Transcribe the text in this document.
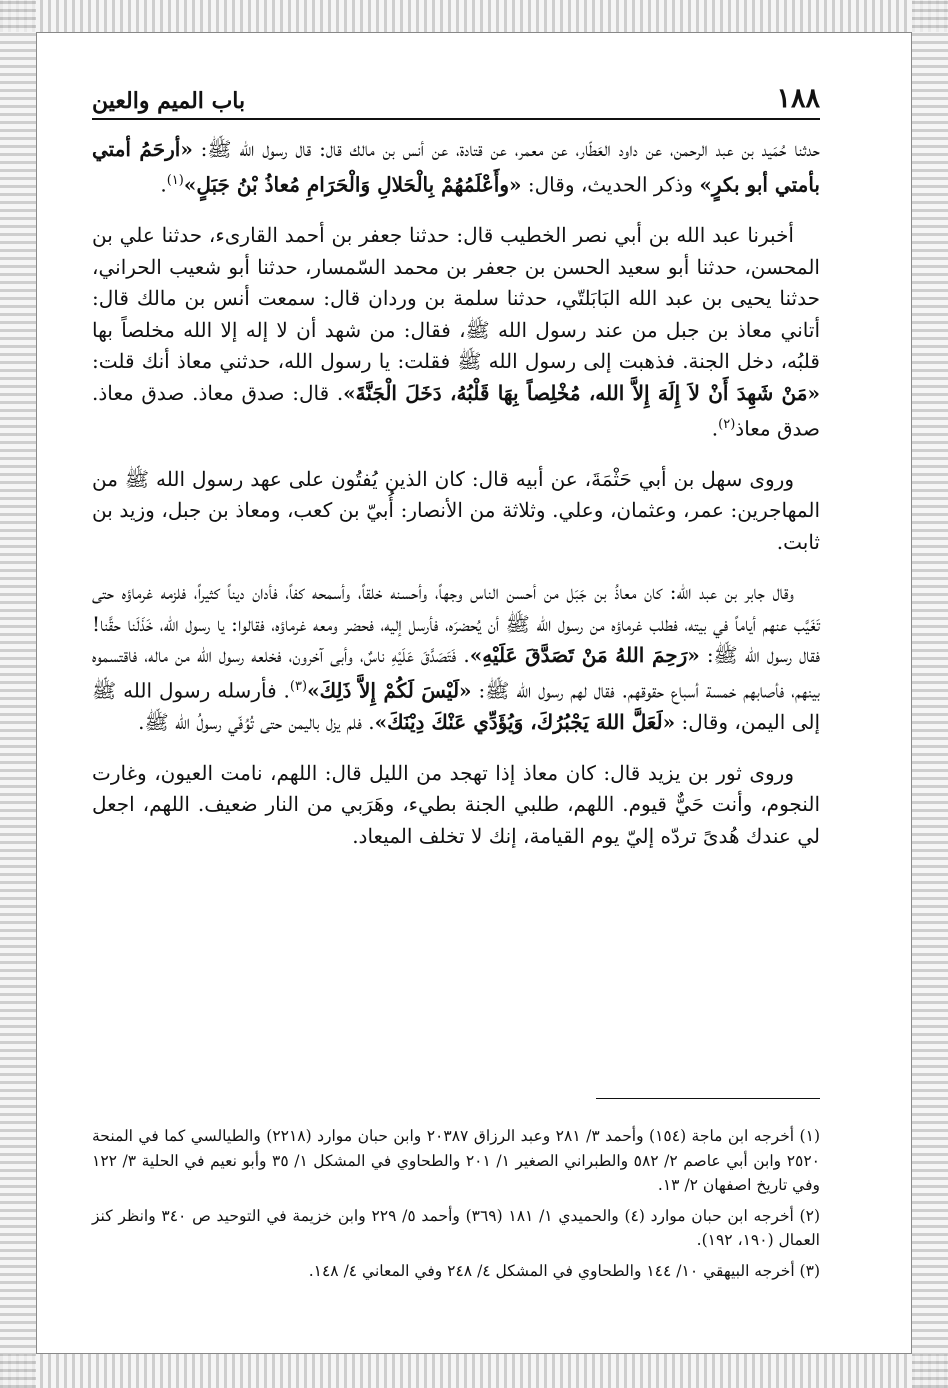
١٨٨
باب الميم والعين

حدثنا حُمَيد بن عبد الرحمن، عن داود العَطّار، عن معمر، عن قتادة، عن أنس بن مالك قال: قال رسول الله ﷺ: «أرحَمُ أمتي بأمتي أبو بكرٍ» وذكر الحديث، وقال: «وأَعْلَمُهُمْ بِالْحَلالِ وَالْحَرَامِ مُعاذُ بْنُ جَبَلٍ»$^{(١)}$.

أخبرنا عبد الله بن أبي نصر الخطيب قال: حدثنا جعفر بن أحمد القارىء، حدثنا علي بن المحسن، حدثنا أبو سعيد الحسن بن جعفر بن محمد السّمسار، حدثنا أبو شعيب الحراني، حدثنا يحيى بن عبد الله البَابَلتّي، حدثنا سلمة بن وردان قال: سمعت أنس بن مالك قال: أتاني معاذ بن جبل من عند رسول الله ﷺ، فقال: من شهد أن لا إله إلا الله مخلصاً بها قلبُه، دخل الجنة. فذهبت إلى رسول الله ﷺ فقلت: يا رسول الله، حدثني معاذ أنك قلت: «مَنْ شَهِدَ أَنْ لاَ إِلَهَ إِلاَّ الله، مُخْلِصاً بِهَا قَلْبُهُ، دَخَلَ الْجَنَّةَ». قال: صدق معاذ. صدق معاذ. صدق معاذ$^{(٢)}$.

وروى سهل بن أبي حَثْمَةَ، عن أبيه قال: كان الذين يُفتُون على عهد رسول الله ﷺ من المهاجرين: عمر، وعثمان، وعلي. وثلاثة من الأنصار: أُبيّ بن كعب، ومعاذ بن جبل، وزيد بن ثابت.

وقال جابر بن عبد الله: كان معاذُ بن جَبَل من أحسن الناس وجهاً، وأحسنه خلقاً، وأسمحه كفاً، فأدان ديناً كثيراً، فلزمه غرماؤه حتى تَغَيَّب عنهم أياماً في بيته، فطلب غرماؤه من رسول الله ﷺ أن يُحضرَه، فأرسل إليه، فحضر ومعه غرماؤه، فقالوا: يا رسول الله، خَذَلَنا حقَّنا! فقال رسول الله ﷺ: «رَحِمَ اللهُ مَنْ تَصَدَّقَ عَلَيْهِ». فَتَصَدَّقَ عَلَيْهِ ناسٌ، وأبى آخرون، فخلعه رسول الله من ماله، فاقتسموه بينهم، فأصابهم خمسة أسباع حقوقهم. فقال لهم رسول الله ﷺ: «لَيْسَ لَكُمْ إِلاَّ ذَلِكَ»$^{(٣)}$. فأرسله رسول الله ﷺ إلى اليمن، وقال: «لَعَلَّ اللهَ يَجْبُرُكَ، وَيُؤَدِّي عَنْكَ دِيْنَكَ». فلم يزل باليمن حتى تُوُفّي رسولُ الله ﷺ.

وروى ثور بن يزيد قال: كان معاذ إذا تهجد من الليل قال: اللهم، نامت العيون، وغارت النجوم، وأنت حَيٌّ قيوم. اللهم، طلبي الجنة بطيء، وهَرَبي من النار ضعيف. اللهم، اجعل لي عندك هُدىً تردّه إليّ يوم القيامة، إنك لا تخلف الميعاد.

(١) أخرجه ابن ماجة (١٥٤) وأحمد ٣/ ٢٨١ وعبد الرزاق ٢٠٣٨٧ وابن حبان موارد (٢٢١٨) والطيالسي كما في المنحة ٢٥٢٠ وابن أبي عاصم ٢/ ٥٨٢ والطبراني الصغير ١/ ٢٠١ والطحاوي في المشكل ١/ ٣٥ وأبو نعيم في الحلية ٣/ ١٢٢ وفي تاريخ اصفهان ٢/ ١٣.

(٢) أخرجه ابن حبان موارد (٤) والحميدي ١/ ١٨١ (٣٦٩) وأحمد ٥/ ٢٢٩ وابن خزيمة في التوحيد ص ٣٤٠ وانظر كنز العمال (١٩٠، ١٩٢).

(٣) أخرجه البيهقي ١٠/ ١٤٤ والطحاوي في المشكل ٤/ ٢٤٨ وفي المعاني ٤/ ١٤٨.
